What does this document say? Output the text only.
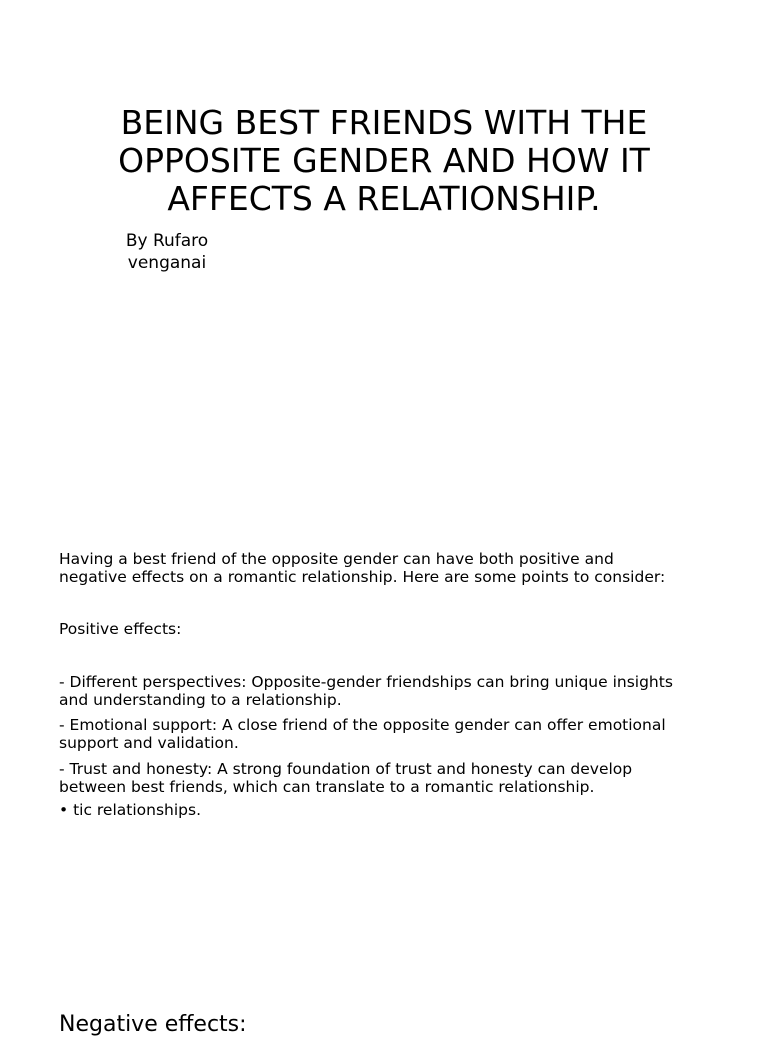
BEING BEST FRIENDS WITH THE
OPPOSITE GENDER AND HOW IT
AFFECTS A RELATIONSHIP.
By Rufaro
venganai
Having a best friend of the opposite gender can have both positive and
negative effects on a romantic relationship. Here are some points to consider:
Positive effects:
- Different perspectives: Opposite-gender friendships can bring unique insights
and understanding to a relationship.
- Emotional support: A close friend of the opposite gender can offer emotional
support and validation.
- Trust and honesty: A strong foundation of trust and honesty can develop
between best friends, which can translate to a romantic relationship.
• tic relationships.
Negative effects:
